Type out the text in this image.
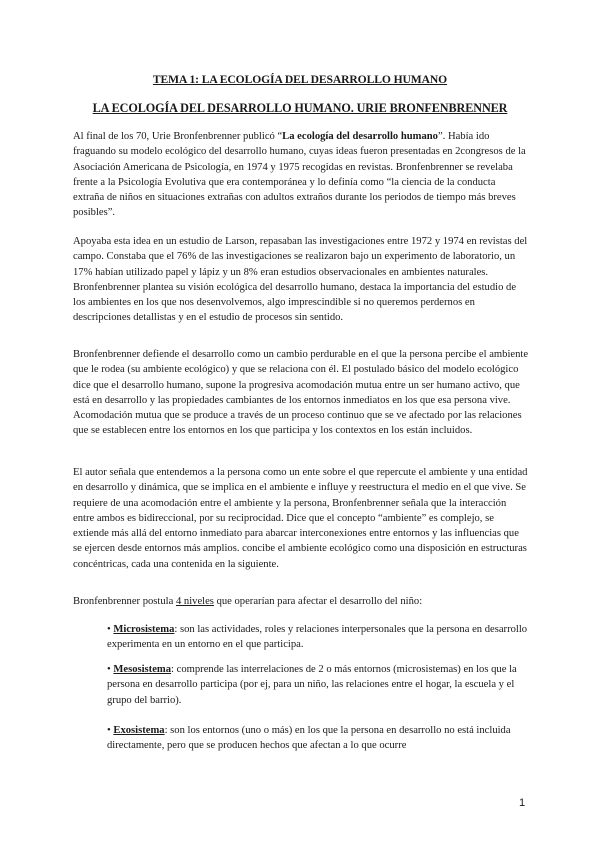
TEMA 1: LA ECOLOGÍA DEL DESARROLLO HUMANO
LA ECOLOGÍA DEL DESARROLLO HUMANO. URIE BRONFENBRENNER

Al final de los 70, Urie Bronfenbrenner publicó “La ecología del desarrollo humano”. Había ido fraguando su modelo ecológico del desarrollo humano, cuyas ideas fueron presentadas en 2congresos de la Asociación Americana de Psicología, en 1974 y 1975 recogidas en revistas. Bronfenbrenner se revelaba frente a la Psicología Evolutiva que era contemporánea y lo definía como “la ciencia de la conducta extraña de niños en situaciones extrañas con adultos extraños durante los periodos de tiempo más breves posibles”.

Apoyaba esta idea en un estudio de Larson, repasaban las investigaciones entre 1972 y 1974 en revistas del campo. Constaba que el 76% de las investigaciones se realizaron bajo un experimento de laboratorio, un 17% habían utilizado papel y lápiz y un 8% eran estudios observacionales en ambientes naturales. Bronfenbrenner plantea su visión ecológica del desarrollo humano, destaca la importancia del estudio de los ambientes en los que nos desenvolvemos, algo imprescindible si no queremos perdernos en descripciones detallistas y en el estudio de procesos sin sentido.

Bronfenbrenner defiende el desarrollo como un cambio perdurable en el que la persona percibe el ambiente que le rodea (su ambiente ecológico) y que se relaciona con él. El postulado básico del modelo ecológico dice que el desarrollo humano, supone la progresiva acomodación mutua entre un ser humano activo, que está en desarrollo y las propiedades cambiantes de los entornos inmediatos en los que esa persona vive. Acomodación mutua que se produce a través de un proceso continuo que se ve afectado por las relaciones que se establecen entre los entornos en los que participa y los contextos en los están incluidos.

El autor señala que entendemos a la persona como un ente sobre el que repercute el ambiente y una entidad en desarrollo y dinámica, que se implica en el ambiente e influye y reestructura el medio en el que vive. Se requiere de una acomodación entre el ambiente y la persona, Bronfenbrenner señala que la interacción entre ambos es bidireccional, por su reciprocidad. Dice que el concepto “ambiente” es complejo, se extiende más allá del entorno inmediato para abarcar interconexiones entre entornos y las influencias que se ejercen desde entornos más amplios. concibe el ambiente ecológico como una disposición en estructuras concéntricas, cada una contenida en la siguiente.

Bronfenbrenner postula 4 niveles que operarían para afectar el desarrollo del niño:

• Microsistema: son las actividades, roles y relaciones interpersonales que la persona en desarrollo experimenta en un entorno en el que participa.

• Mesosistema: comprende las interrelaciones de 2 o más entornos (microsistemas) en los que la persona en desarrollo participa (por ej, para un niño, las relaciones entre el hogar, la escuela y el grupo del barrio).

• Exosistema: son los entornos (uno o más) en los que la persona en desarrollo no está incluida directamente, pero que se producen hechos que afectan a lo que ocurre

1
